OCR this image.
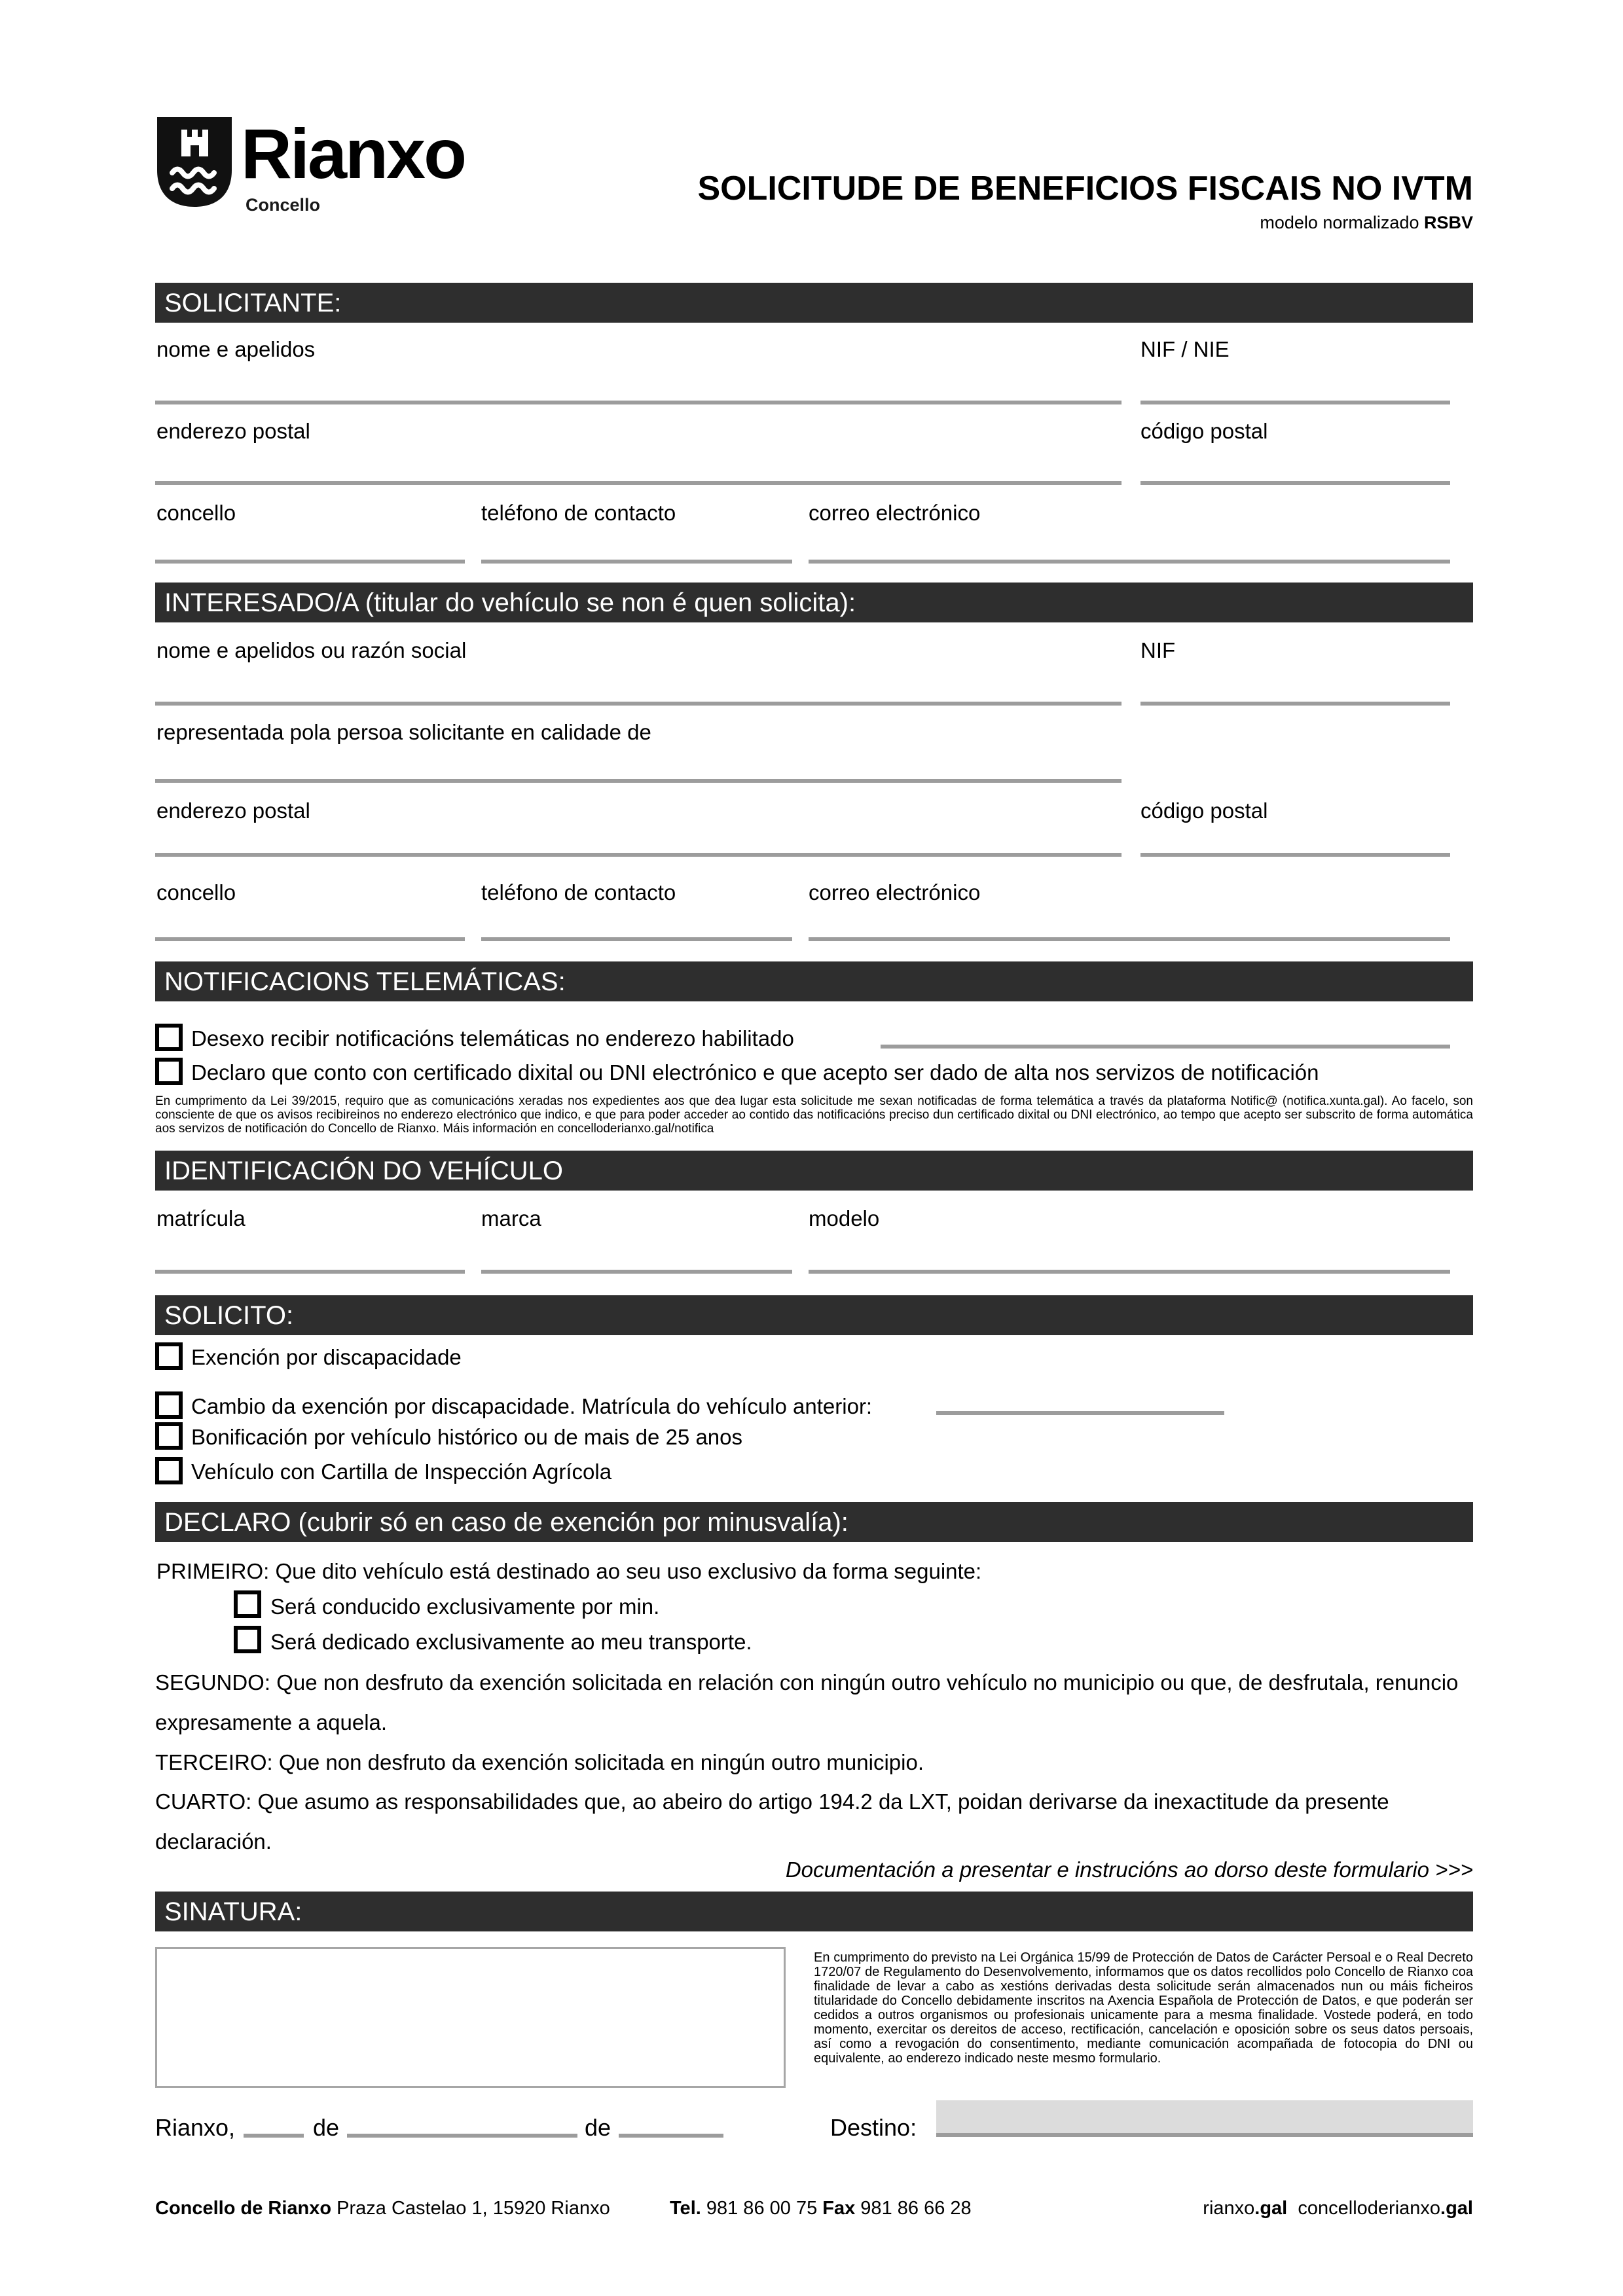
Rianxo
Concello	SOLICITUDE DE BENEFICIOS FISCAIS NO IVTM
modelo normalizado RSBV
SOLICITANTE:
nome e apelidos	NIF / NIE
enderezo postal	código postal
concello	teléfono de contacto	correo electrónico
INTERESADO/A (titular do vehículo se non é quen solicita):
nome e apelidos ou razón social	NIF
representada pola persoa solicitante en calidade de
enderezo postal	código postal
concello	teléfono de contacto	correo electrónico
NOTIFICACIONS TELEMÁTICAS:
Desexo recibir notificacións telemáticas no enderezo habilitado
Declaro que conto con certificado dixital ou DNI electrónico e que acepto ser dado de alta nos servizos de notificación
En cumprimento da Lei 39/2015, requiro que as comunicacións xeradas nos expedientes aos que dea lugar esta solicitude me sexan notificadas de forma telemática a través da plataforma Notific@ (notifica.xunta.gal). Ao facelo, son consciente de que os avisos recibireinos no enderezo electrónico que indico, e que para poder acceder ao contido das notificacións preciso dun certificado dixital ou DNI electrónico, ao tempo que acepto ser subscrito de forma automática aos servizos de notificación do Concello de Rianxo. Máis información en concelloderianxo.gal/notifica
IDENTIFICACIÓN DO VEHÍCULO
matrícula	marca	modelo
SOLICITO:
Exención por discapacidade
Cambio da exención por discapacidade. Matrícula do vehículo anterior:
Bonificación por vehículo histórico ou de mais de 25 anos
Vehículo con Cartilla de Inspección Agrícola
DECLARO (cubrir só en caso de exención por minusvalía):
PRIMEIRO: Que dito vehículo está destinado ao seu uso exclusivo da forma seguinte:
Será conducido exclusivamente por min.
Será dedicado exclusivamente ao meu transporte.
SEGUNDO: Que non desfruto da exención solicitada en relación con ningún outro vehículo no municipio ou que, de desfrutala, renuncio expresamente a aquela.
TERCEIRO: Que non desfruto da exención solicitada en ningún outro municipio.
CUARTO: Que asumo as responsabilidades que, ao abeiro do artigo 194.2 da LXT, poidan derivarse da inexactitude da presente declaración.
Documentación a presentar e instrucións ao dorso deste formulario >>>
SINATURA:
En cumprimento do previsto na Lei Orgánica 15/99 de Protección de Datos de Carácter Persoal e o Real Decreto 1720/07 de Regulamento do Desenvolvemento, informamos que os datos recollidos polo Concello de Rianxo coa finalidade de levar a cabo as xestións derivadas desta solicitude serán almacenados nun ou máis ficheiros titularidade do Concello debidamente inscritos na Axencia Española de Protección de Datos, e que poderán ser cedidos a outros organismos ou profesionais unicamente para a mesma finalidade. Vostede poderá, en todo momento, exercitar os dereitos de acceso, rectificación, cancelación e oposición sobre os seus datos persoais, así como a revogación do consentimento, mediante comunicación acompañada de fotocopia do DNI ou equivalente, ao enderezo indicado neste mesmo formulario.
Rianxo,	de	de	Destino:
Concello de Rianxo Praza Castelao 1, 15920 Rianxo	Tel. 981 86 00 75 Fax 981 86 66 28	rianxo.gal concelloderianxo.gal
